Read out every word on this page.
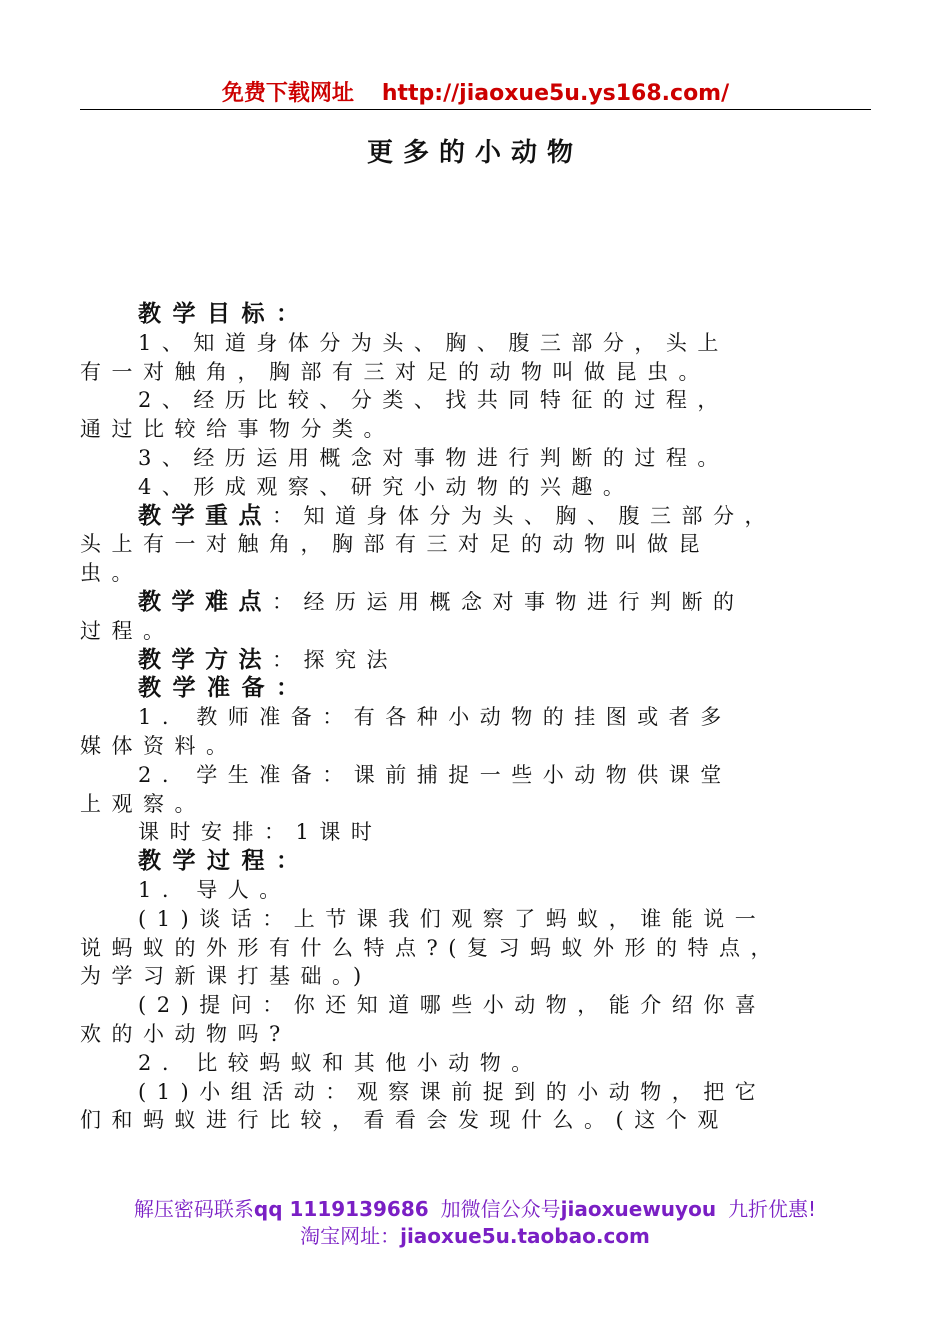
免费下载网址 http://jiaoxue5u.ys168.com/
更多的小动物
教学目标：
1、知道身体分为头、胸、腹三部分，头上
有一对触角，胸部有三对足的动物叫做昆虫。
2、经历比较、分类、找共同特征的过程，
通过比较给事物分类。
3、经历运用概念对事物进行判断的过程。
4、形成观察、研究小动物的兴趣。
教学重点：知道身体分为头、胸、腹三部分，
头上有一对触角，胸部有三对足的动物叫做昆
虫。
教学难点：经历运用概念对事物进行判断的
过程。
教学方法：探究法
教学准备：
1. 教师准备：有各种小动物的挂图或者多
媒体资料。
2. 学生准备：课前捕捉一些小动物供课堂
上观察。
课时安排：1课时
教学过程：
1. 导人。
(1)谈话：上节课我们观察了蚂蚁，谁能说一
说蚂蚁的外形有什么特点?(复习蚂蚁外形的特点，
为学习新课打基础。)
(2)提问：你还知道哪些小动物，能介绍你喜
欢的小动物吗?
2. 比较蚂蚁和其他小动物。
(1)小组活动：观察课前捉到的小动物，把它
们和蚂蚁进行比较，看看会发现什么。(这个观
解压密码联系qq 1119139686 加微信公众号jiaoxuewuyou 九折优惠!
淘宝网址：jiaoxue5u.taobao.com
